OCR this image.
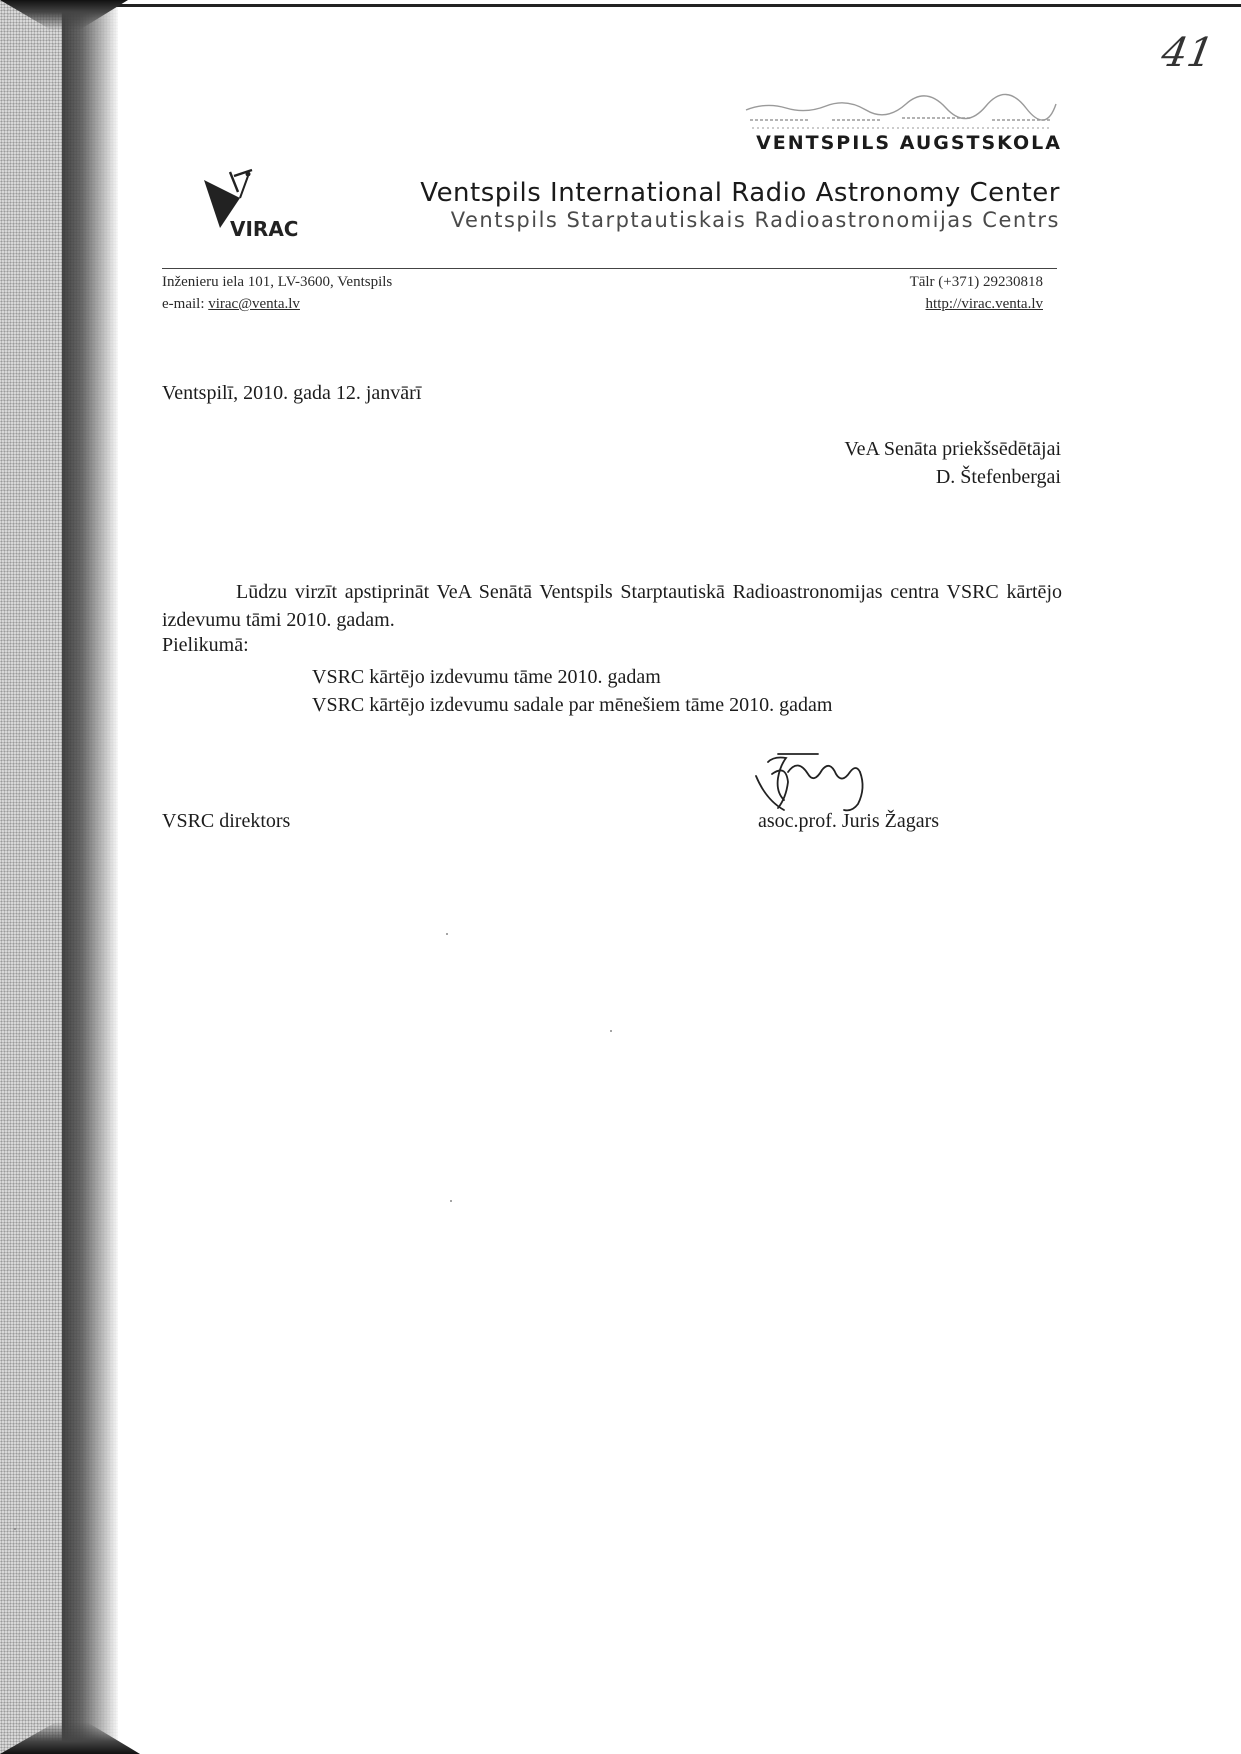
41
VENTSPILS AUGSTSKOLA
VIRAC
Ventspils International Radio Astronomy Center
Ventspils Starptautiskais Radioastronomijas Centrs
Inženieru iela 101, LV-3600, Ventspils
e-mail: virac@venta.lv
Tālr (+371) 29230818
http://virac.venta.lv
Ventspilī, 2010. gada 12. janvārī
VeA Senāta priekšsēdētājai
D. Štefenbergai
Lūdzu virzīt apstiprināt VeA Senātā Ventspils Starptautiskā Radioastronomijas centra VSRC kārtējo izdevumu tāmi 2010. gadam.
Pielikumā:
VSRC kārtējo izdevumu tāme 2010. gadam
VSRC kārtējo izdevumu sadale par mēnešiem tāme 2010. gadam
VSRC direktors	asoc.prof. Juris Žagars
